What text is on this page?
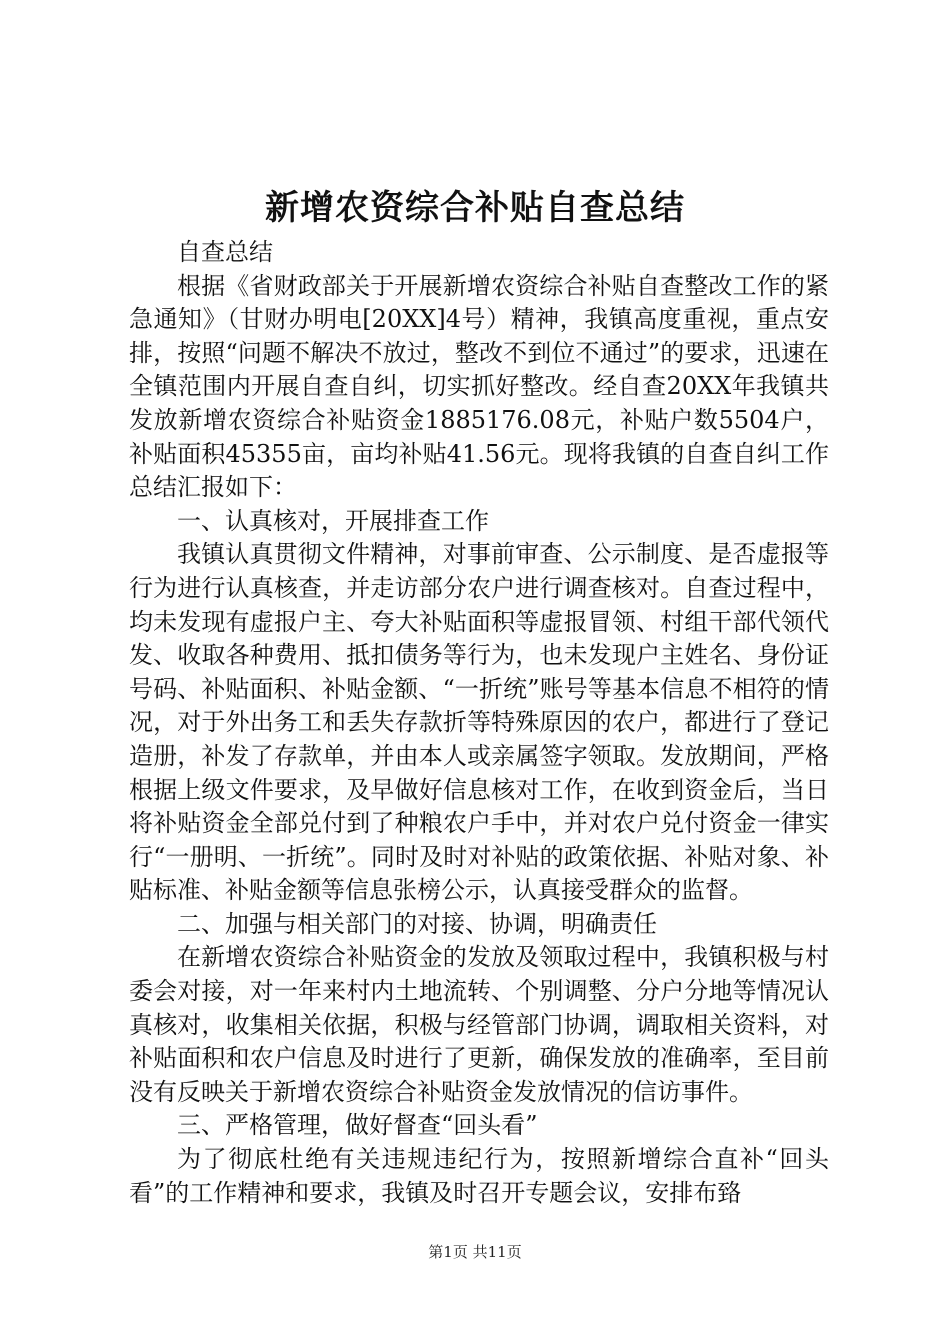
新增农资综合补贴自查总结

自查总结

根据《省财政部关于开展新增农资综合补贴自查整改工作的紧急通知》（甘财办明电[20XX]4号）精神，我镇高度重视，重点安排，按照“问题不解决不放过，整改不到位不通过”的要求，迅速在全镇范围内开展自查自纠，切实抓好整改。经自查20XX年我镇共发放新增农资综合补贴资金1885176.08元，补贴户数5504户，补贴面积45355亩，亩均补贴41.56元。现将我镇的自查自纠工作总结汇报如下：

一、认真核对，开展排查工作

我镇认真贯彻文件精神，对事前审查、公示制度、是否虚报等行为进行认真核查，并走访部分农户进行调查核对。自查过程中，均未发现有虚报户主、夸大补贴面积等虚报冒领、村组干部代领代发、收取各种费用、抵扣债务等行为，也未发现户主姓名、身份证号码、补贴面积、补贴金额、“一折统”账号等基本信息不相符的情况，对于外出务工和丢失存款折等特殊原因的农户，都进行了登记造册，补发了存款单，并由本人或亲属签字领取。发放期间，严格根据上级文件要求，及早做好信息核对工作，在收到资金后，当日将补贴资金全部兑付到了种粮农户手中，并对农户兑付资金一律实行“一册明、一折统”。同时及时对补贴的政策依据、补贴对象、补贴标准、补贴金额等信息张榜公示，认真接受群众的监督。

二、加强与相关部门的对接、协调，明确责任

在新增农资综合补贴资金的发放及领取过程中，我镇积极与村委会对接，对一年来村内土地流转、个别调整、分户分地等情况认真核对，收集相关依据，积极与经管部门协调，调取相关资料，对补贴面积和农户信息及时进行了更新，确保发放的准确率，至目前没有反映关于新增农资综合补贴资金发放情况的信访事件。

三、严格管理，做好督查“回头看”

为了彻底杜绝有关违规违纪行为，按照新增综合直补“回头看”的工作精神和要求，我镇及时召开专题会议，安排布臵

第1页 共11页
